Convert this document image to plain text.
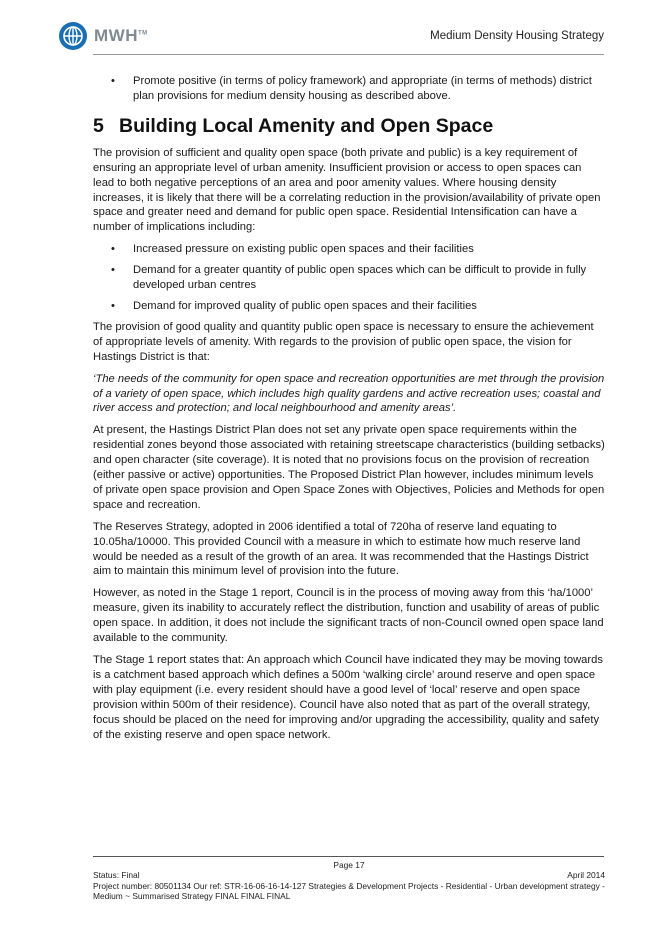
MWH™	Medium Density Housing Strategy
• Promote positive (in terms of policy framework) and appropriate (in terms of methods) district plan provisions for medium density housing as described above.
5 Building Local Amenity and Open Space

The provision of sufficient and quality open space (both private and public) is a key requirement of ensuring an appropriate level of urban amenity. Insufficient provision or access to open spaces can lead to both negative perceptions of an area and poor amenity values. Where housing density increases, it is likely that there will be a correlating reduction in the provision/availability of private open space and greater need and demand for public open space. Residential Intensification can have a number of implications including:

• Increased pressure on existing public open spaces and their facilities
• Demand for a greater quantity of public open spaces which can be difficult to provide in fully developed urban centres
• Demand for improved quality of public open spaces and their facilities

The provision of good quality and quantity public open space is necessary to ensure the achievement of appropriate levels of amenity. With regards to the provision of public open space, the vision for Hastings District is that:

‘The needs of the community for open space and recreation opportunities are met through the provision of a variety of open space, which includes high quality gardens and active recreation uses; coastal and river access and protection; and local neighbourhood and amenity areas’.

At present, the Hastings District Plan does not set any private open space requirements within the residential zones beyond those associated with retaining streetscape characteristics (building setbacks) and open character (site coverage). It is noted that no provisions focus on the provision of recreation (either passive or active) opportunities. The Proposed District Plan however, includes minimum levels of private open space provision and Open Space Zones with Objectives, Policies and Methods for open space and recreation.

The Reserves Strategy, adopted in 2006 identified a total of 720ha of reserve land equating to 10.05ha/10000. This provided Council with a measure in which to estimate how much reserve land would be needed as a result of the growth of an area. It was recommended that the Hastings District aim to maintain this minimum level of provision into the future.

However, as noted in the Stage 1 report, Council is in the process of moving away from this ‘ha/1000’ measure, given its inability to accurately reflect the distribution, function and usability of areas of public open space. In addition, it does not include the significant tracts of non-Council owned open space land available to the community.

The Stage 1 report states that: An approach which Council have indicated they may be moving towards is a catchment based approach which defines a 500m ‘walking circle’ around reserve and open space with play equipment (i.e. every resident should have a good level of ‘local’ reserve and open space provision within 500m of their residence). Council have also noted that as part of the overall strategy, focus should be placed on the need for improving and/or upgrading the accessibility, quality and safety of the existing reserve and open space network.

Page 17
Status: Final	April 2014
Project number: 80501134 Our ref: STR-16-06-16-14-127 Strategies & Development Projects - Residential - Urban development strategy - Medium ~ Summarised Strategy FINAL FINAL FINAL
